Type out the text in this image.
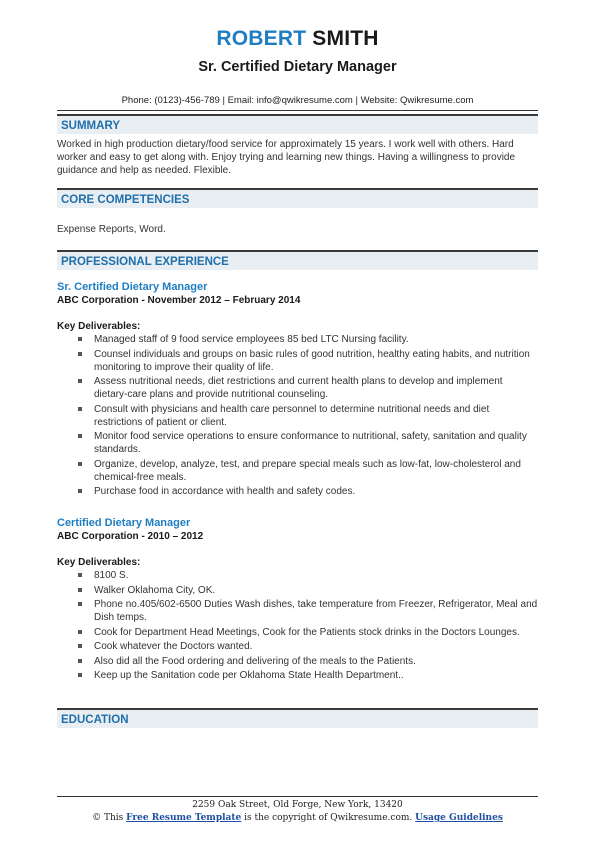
ROBERT SMITH
Sr. Certified Dietary Manager
Phone: (0123)-456-789 | Email: info@qwikresume.com | Website: Qwikresume.com
SUMMARY

Worked in high production dietary/food service for approximately 15 years. I work well with others. Hard worker and easy to get along with. Enjoy trying and learning new things. Having a willingness to provide guidance and help as needed. Flexible.

CORE COMPETENCIES

Expense Reports, Word.

PROFESSIONAL EXPERIENCE
Sr. Certified Dietary Manager
ABC Corporation - November 2012 – February 2014
Key Deliverables:
Managed staff of 9 food service employees 85 bed LTC Nursing facility.
Counsel individuals and groups on basic rules of good nutrition, healthy eating habits, and nutrition monitoring to improve their quality of life.
Assess nutritional needs, diet restrictions and current health plans to develop and implement dietary-care plans and provide nutritional counseling.
Consult with physicians and health care personnel to determine nutritional needs and diet restrictions of patient or client.
Monitor food service operations to ensure conformance to nutritional, safety, sanitation and quality standards.
Organize, develop, analyze, test, and prepare special meals such as low-fat, low-cholesterol and chemical-free meals.
Purchase food in accordance with health and safety codes.
Certified Dietary Manager
ABC Corporation - 2010 – 2012
Key Deliverables:
8100 S.
Walker Oklahoma City, OK.
Phone no.405/602-6500 Duties Wash dishes, take temperature from Freezer, Refrigerator, Meal and Dish temps.
Cook for Department Head Meetings, Cook for the Patients stock drinks in the Doctors Lounges.
Cook whatever the Doctors wanted.
Also did all the Food ordering and delivering of the meals to the Patients.
Keep up the Sanitation code per Oklahoma State Health Department..
EDUCATION
2259 Oak Street, Old Forge, New York, 13420
© This Free Resume Template is the copyright of Qwikresume.com. Usage Guidelines
